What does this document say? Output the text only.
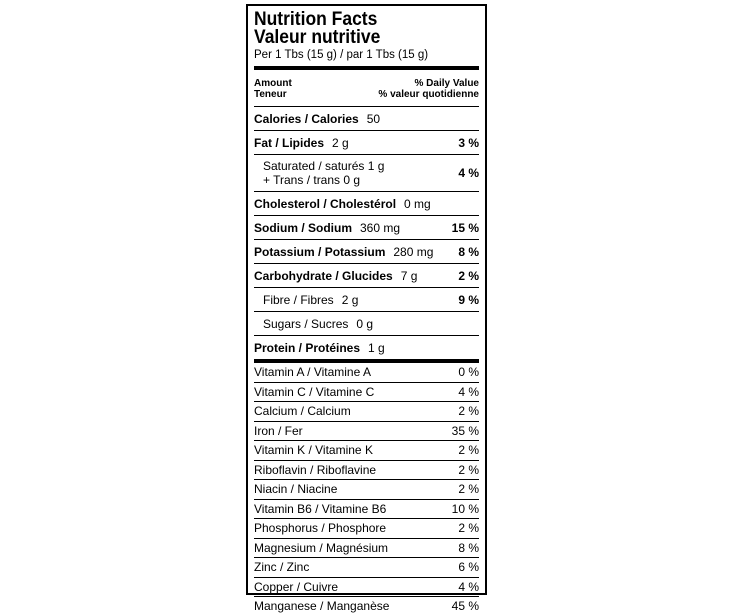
Nutrition Facts
Valeur nutritive
Per 1 Tbs (15 g) / par 1 Tbs (15 g)
Amount
Teneur
% Daily Value
% valeur quotidienne
Calories / Calories 50
Fat / Lipides 2 g	3 %
Saturated / saturés 1 g
+ Trans / trans 0 g	4 %
Cholesterol / Cholestérol 0 mg
Sodium / Sodium 360 mg	15 %
Potassium / Potassium 280 mg	8 %
Carbohydrate / Glucides 7 g	2 %
Fibre / Fibres 2 g	9 %
Sugars / Sucres 0 g
Protein / Protéines 1 g
Vitamin A / Vitamine A	0 %
Vitamin C / Vitamine C	4 %
Calcium / Calcium	2 %
Iron / Fer	35 %
Vitamin K / Vitamine K	2 %
Riboflavin / Riboflavine	2 %
Niacin / Niacine	2 %
Vitamin B6 / Vitamine B6	10 %
Phosphorus / Phosphore	2 %
Magnesium / Magnésium	8 %
Zinc / Zinc	6 %
Copper / Cuivre	4 %
Manganese / Manganèse	45 %
